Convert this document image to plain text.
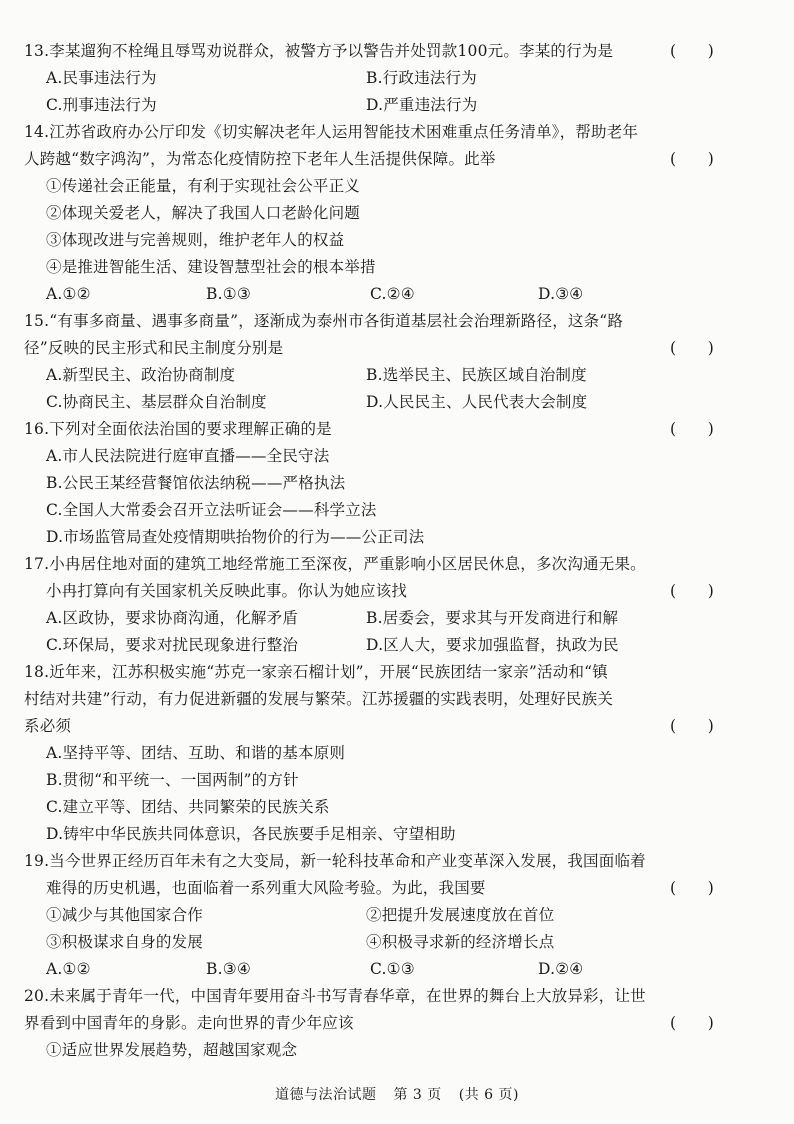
13.李某遛狗不栓绳且辱骂劝说群众，被警方予以警告并处罚款100元。李某的行为是	( )
A.民事违法行为	B.行政违法行为
C.刑事违法行为	D.严重违法行为
14.江苏省政府办公厅印发《切实解决老年人运用智能技术困难重点任务清单》，帮助老年
人跨越“数字鸿沟”，为常态化疫情防控下老年人生活提供保障。此举	( )
①传递社会正能量，有利于实现社会公平正义
②体现关爱老人，解决了我国人口老龄化问题
③体现改进与完善规则，维护老年人的权益
④是推进智能生活、建设智慧型社会的根本举措
A.①②	B.①③	C.②④	D.③④
15.“有事多商量、遇事多商量”，逐渐成为泰州市各街道基层社会治理新路径，这条“路
径”反映的民主形式和民主制度分别是	( )
A.新型民主、政治协商制度	B.选举民主、民族区域自治制度
C.协商民主、基层群众自治制度	D.人民民主、人民代表大会制度
16.下列对全面依法治国的要求理解正确的是	( )
A.市人民法院进行庭审直播——全民守法
B.公民王某经营餐馆依法纳税——严格执法
C.全国人大常委会召开立法听证会——科学立法
D.市场监管局查处疫情期哄抬物价的行为——公正司法
17.小冉居住地对面的建筑工地经常施工至深夜，严重影响小区居民休息，多次沟通无果。
小冉打算向有关国家机关反映此事。你认为她应该找	( )
A.区政协，要求协商沟通，化解矛盾	B.居委会，要求其与开发商进行和解
C.环保局，要求对扰民现象进行整治	D.区人大，要求加强监督，执政为民
18.近年来，江苏积极实施“苏克一家亲石榴计划”，开展“民族团结一家亲”活动和“镇
村结对共建”行动，有力促进新疆的发展与繁荣。江苏援疆的实践表明，处理好民族关
系必须	( )
A.坚持平等、团结、互助、和谐的基本原则
B.贯彻“和平统一、一国两制”的方针
C.建立平等、团结、共同繁荣的民族关系
D.铸牢中华民族共同体意识，各民族要手足相亲、守望相助
19.当今世界正经历百年未有之大变局，新一轮科技革命和产业变革深入发展，我国面临着
难得的历史机遇，也面临着一系列重大风险考验。为此，我国要	( )
①减少与其他国家合作	②把提升发展速度放在首位
③积极谋求自身的发展	④积极寻求新的经济增长点
A.①②	B.③④	C.①③	D.②④
20.未来属于青年一代，中国青年要用奋斗书写青春华章，在世界的舞台上大放异彩，让世
界看到中国青年的身影。走向世界的青少年应该	( )
①适应世界发展趋势，超越国家观念
道德与法治试题 第 3 页 (共 6 页)
